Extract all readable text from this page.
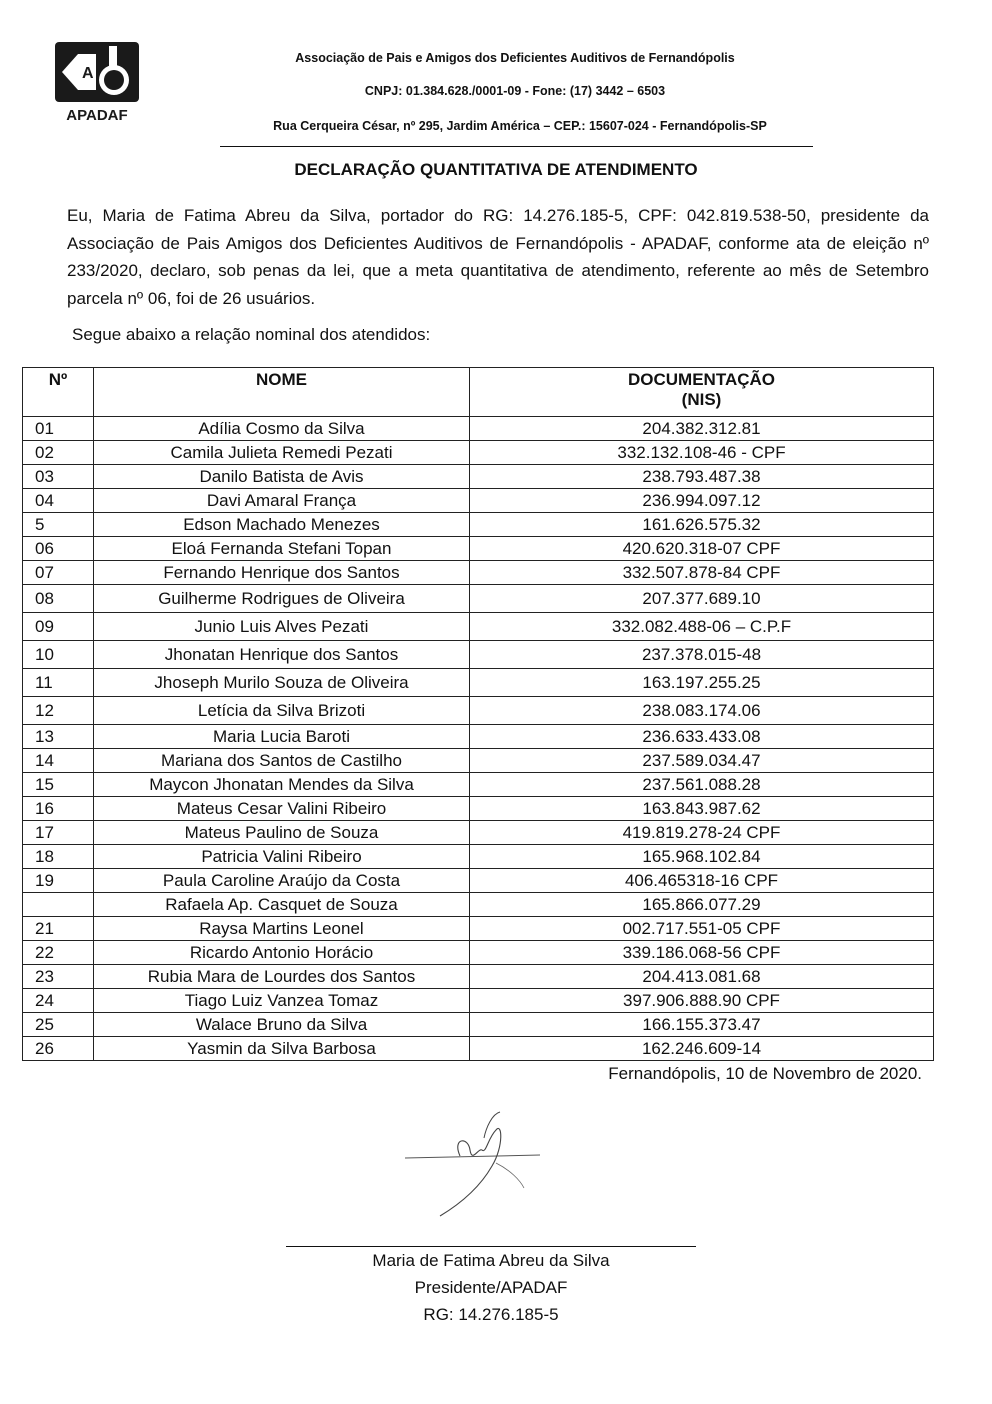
A
APADAF
Associação de Pais e Amigos dos Deficientes Auditivos de Fernandópolis
CNPJ: 01.384.628./0001-09 - Fone: (17) 3442 – 6503
Rua Cerqueira César, nº 295, Jardim América – CEP.: 15607-024 - Fernandópolis-SP
DECLARAÇÃO QUANTITATIVA DE ATENDIMENTO
Eu, Maria de Fatima Abreu da Silva, portador do RG: 14.276.185-5, CPF: 042.819.538-50, presidente da Associação de Pais Amigos dos Deficientes Auditivos de Fernandópolis - APADAF, conforme ata de eleição nº 233/2020, declaro, sob penas da lei, que a meta quantitativa de atendimento, referente ao mês de Setembro parcela nº 06, foi de 26 usuários.
Segue abaixo a relação nominal dos atendidos:
Nº	NOME	DOCUMENTAÇÃO
(NIS)

01	Adília Cosmo da Silva	204.382.312.81
02	Camila Julieta Remedi Pezati	332.132.108-46 - CPF
03	Danilo Batista de Avis	238.793.487.38
04	Davi Amaral França	236.994.097.12
5	Edson Machado Menezes	161.626.575.32
06	Eloá Fernanda Stefani Topan	420.620.318-07 CPF
07	Fernando Henrique dos Santos	332.507.878-84 CPF
08	Guilherme Rodrigues de Oliveira	207.377.689.10
09	Junio Luis Alves Pezati	332.082.488-06 – C.P.F
10	Jhonatan Henrique dos Santos	237.378.015-48
11	Jhoseph Murilo Souza de Oliveira	163.197.255.25
12	Letícia da Silva Brizoti	238.083.174.06
13	Maria Lucia Baroti	236.633.433.08
14	Mariana dos Santos de Castilho	237.589.034.47
15	Maycon Jhonatan Mendes da Silva	237.561.088.28
16	Mateus Cesar Valini Ribeiro	163.843.987.62
17	Mateus Paulino de Souza	419.819.278-24 CPF
18	Patricia Valini Ribeiro	165.968.102.84
19	Paula Caroline Araújo da Costa	406.465318-16 CPF
	Rafaela Ap. Casquet de Souza	165.866.077.29
21	Raysa Martins Leonel	002.717.551-05 CPF
22	Ricardo Antonio Horácio	339.186.068-56 CPF
23	Rubia Mara de Lourdes dos Santos	204.413.081.68
24	Tiago Luiz Vanzea Tomaz	397.906.888.90 CPF
25	Walace Bruno da Silva	166.155.373.47
26	Yasmin da Silva Barbosa	162.246.609-14
Fernandópolis, 10 de Novembro de 2020.
Maria de Fatima Abreu da Silva
Presidente/APADAF
RG: 14.276.185-5
